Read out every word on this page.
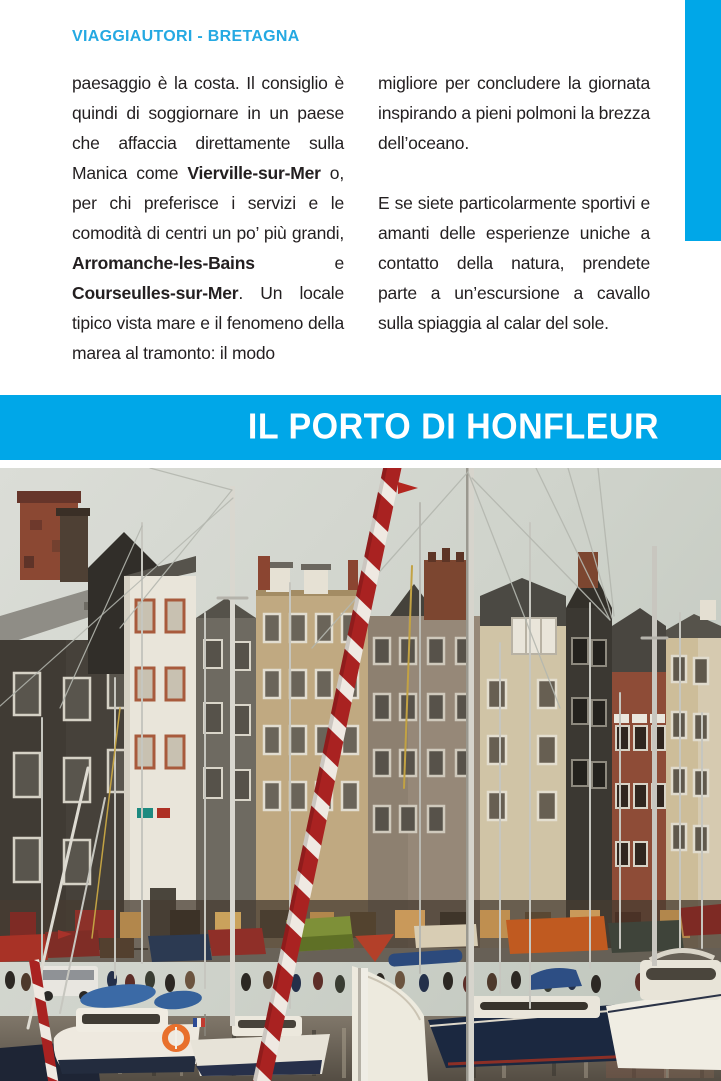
VIAGGIAUTORI - BRETAGNA

paesaggio è la costa. Il consiglio è quindi di soggiornare in un paese che affaccia direttamente sulla Manica come Vierville-sur-Mer o, per chi preferisce i servizi e le comodità di centri un po’ più grandi, Arromanche-les-Bains e Courseulles-sur-Mer. Un locale tipico vista mare e il fenomeno della marea al tramonto: il modo

migliore per concludere la giornata inspirando a pieni polmoni la brezza dell’oceano.

E se siete particolarmente sportivi e amanti delle esperienze uniche a contatto della natura, prendete parte a un’escursione a cavallo sulla spiaggia al calar del sole.

IL PORTO DI HONFLEUR
